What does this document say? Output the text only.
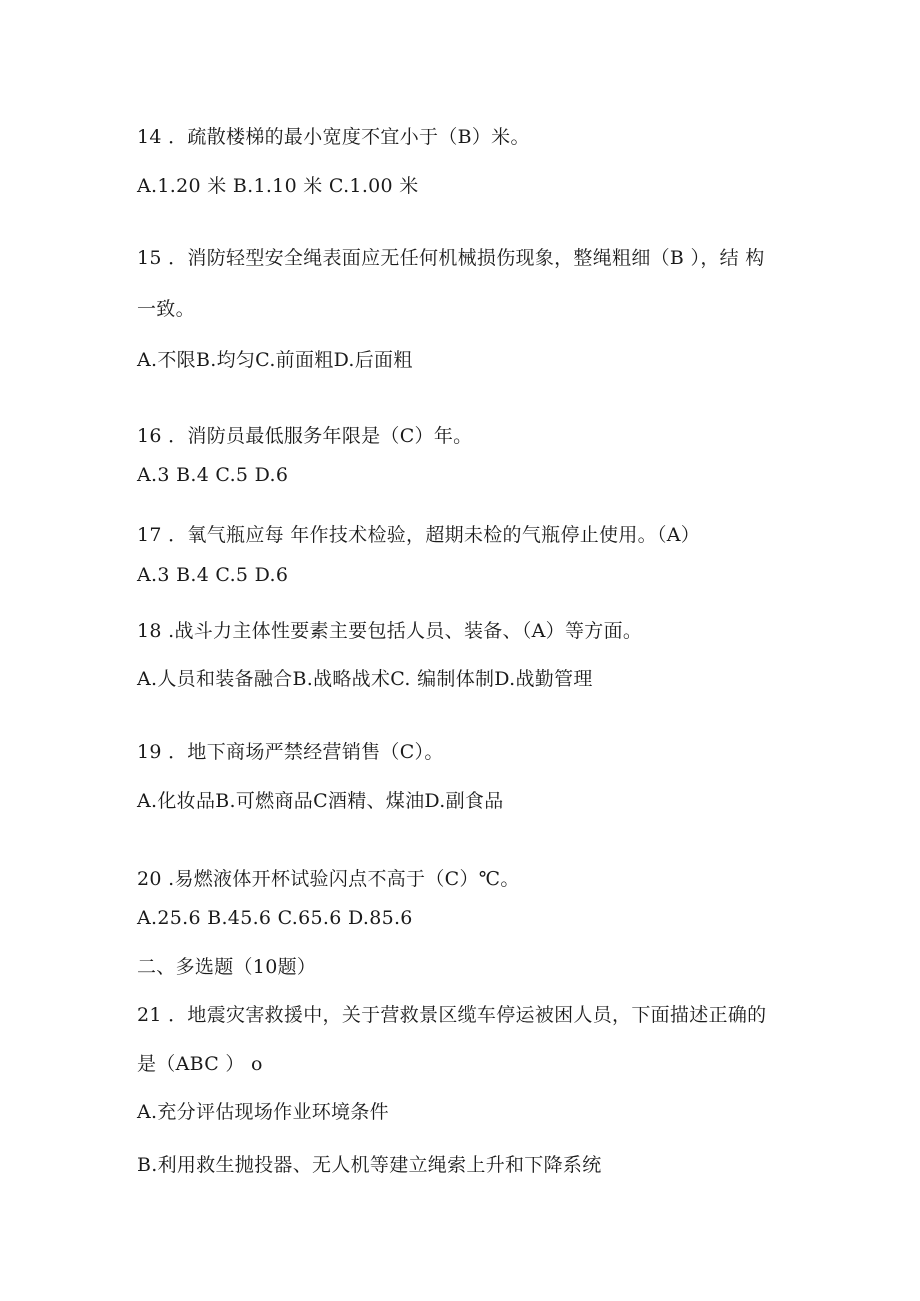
14 ．疏散楼梯的最小宽度不宜小于（B）米。
A.1.20 米 B.1.10 米 C.1.00 米
15 ．消防轻型安全绳表面应无任何机械损伤现象，整绳粗细（B ），结 构
一致。
A.不限B.均匀C.前面粗D.后面粗
16 ．消防员最低服务年限是（C）年。
A.3 B.4 C.5 D.6
17 ．氧气瓶应每 年作技术检验，超期未检的气瓶停止使用。（A）
A.3 B.4 C.5 D.6
18 .战斗力主体性要素主要包括人员、装备、（A）等方面。
A.人员和装备融合B.战略战术C. 编制体制D.战勤管理
19 ．地下商场严禁经营销售（C）。
A.化妆品B.可燃商品C酒精、煤油D.副食品
20 .易燃液体开杯试验闪点不高于（C）℃。
A.25.6 B.45.6 C.65.6 D.85.6
二、多选题（10题）
21 ．地震灾害救援中，关于营救景区缆车停运被困人员，下面描述正确的
是（ABC ） o
A.充分评估现场作业环境条件
B.利用救生抛投器、无人机等建立绳索上升和下降系统
